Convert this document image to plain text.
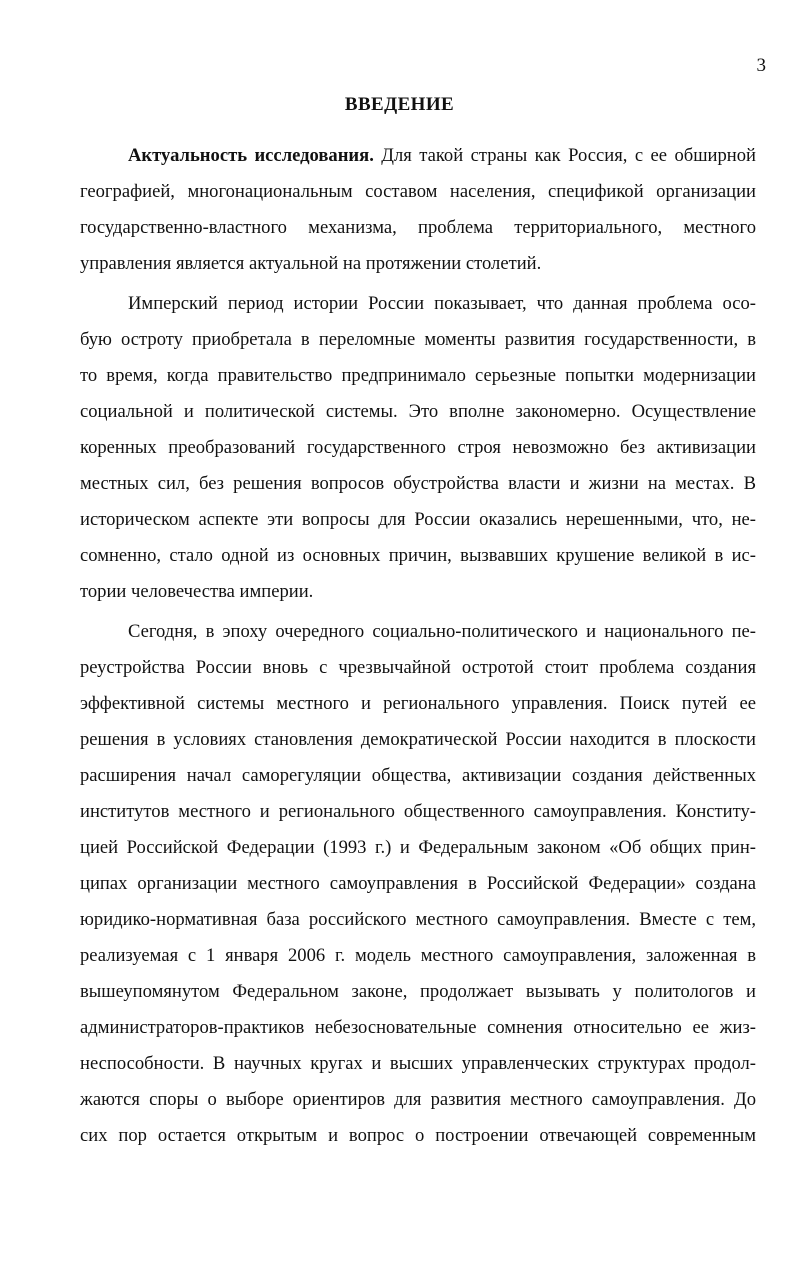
3
ВВЕДЕНИЕ
Актуальность исследования. Для такой страны как Россия, с ее обширной
географией, многонациональным составом населения, спецификой организации
государственно-властного механизма, проблема территориального, местного
управления является актуальной на протяжении столетий.
Имперский период истории России показывает, что данная проблема осо-
бую остроту приобретала в переломные моменты развития государственности, в
то время, когда правительство предпринимало серьезные попытки модернизации
социальной и политической системы. Это вполне закономерно. Осуществление
коренных преобразований государственного строя невозможно без активизации
местных сил, без решения вопросов обустройства власти и жизни на местах. В
историческом аспекте эти вопросы для России оказались нерешенными, что, не-
сомненно, стало одной из основных причин, вызвавших крушение великой в ис-
тории человечества империи.
Сегодня, в эпоху очередного социально-политического и национального пе-
реустройства России вновь с чрезвычайной остротой стоит проблема создания
эффективной системы местного и регионального управления. Поиск путей ее
решения в условиях становления демократической России находится в плоскости
расширения начал саморегуляции общества, активизации создания действенных
институтов местного и регионального общественного самоуправления. Конститу-
цией Российской Федерации (1993 г.) и Федеральным законом «Об общих прин-
ципах организации местного самоуправления в Российской Федерации» создана
юридико-нормативная база российского местного самоуправления. Вместе с тем,
реализуемая с 1 января 2006 г. модель местного самоуправления, заложенная в
вышеупомянутом Федеральном законе, продолжает вызывать у политологов и
администраторов-практиков небезосновательные сомнения относительно ее жиз-
неспособности. В научных кругах и высших управленческих структурах продол-
жаются споры о выборе ориентиров для развития местного самоуправления. До
сих пор остается открытым и вопрос о построении отвечающей современным
